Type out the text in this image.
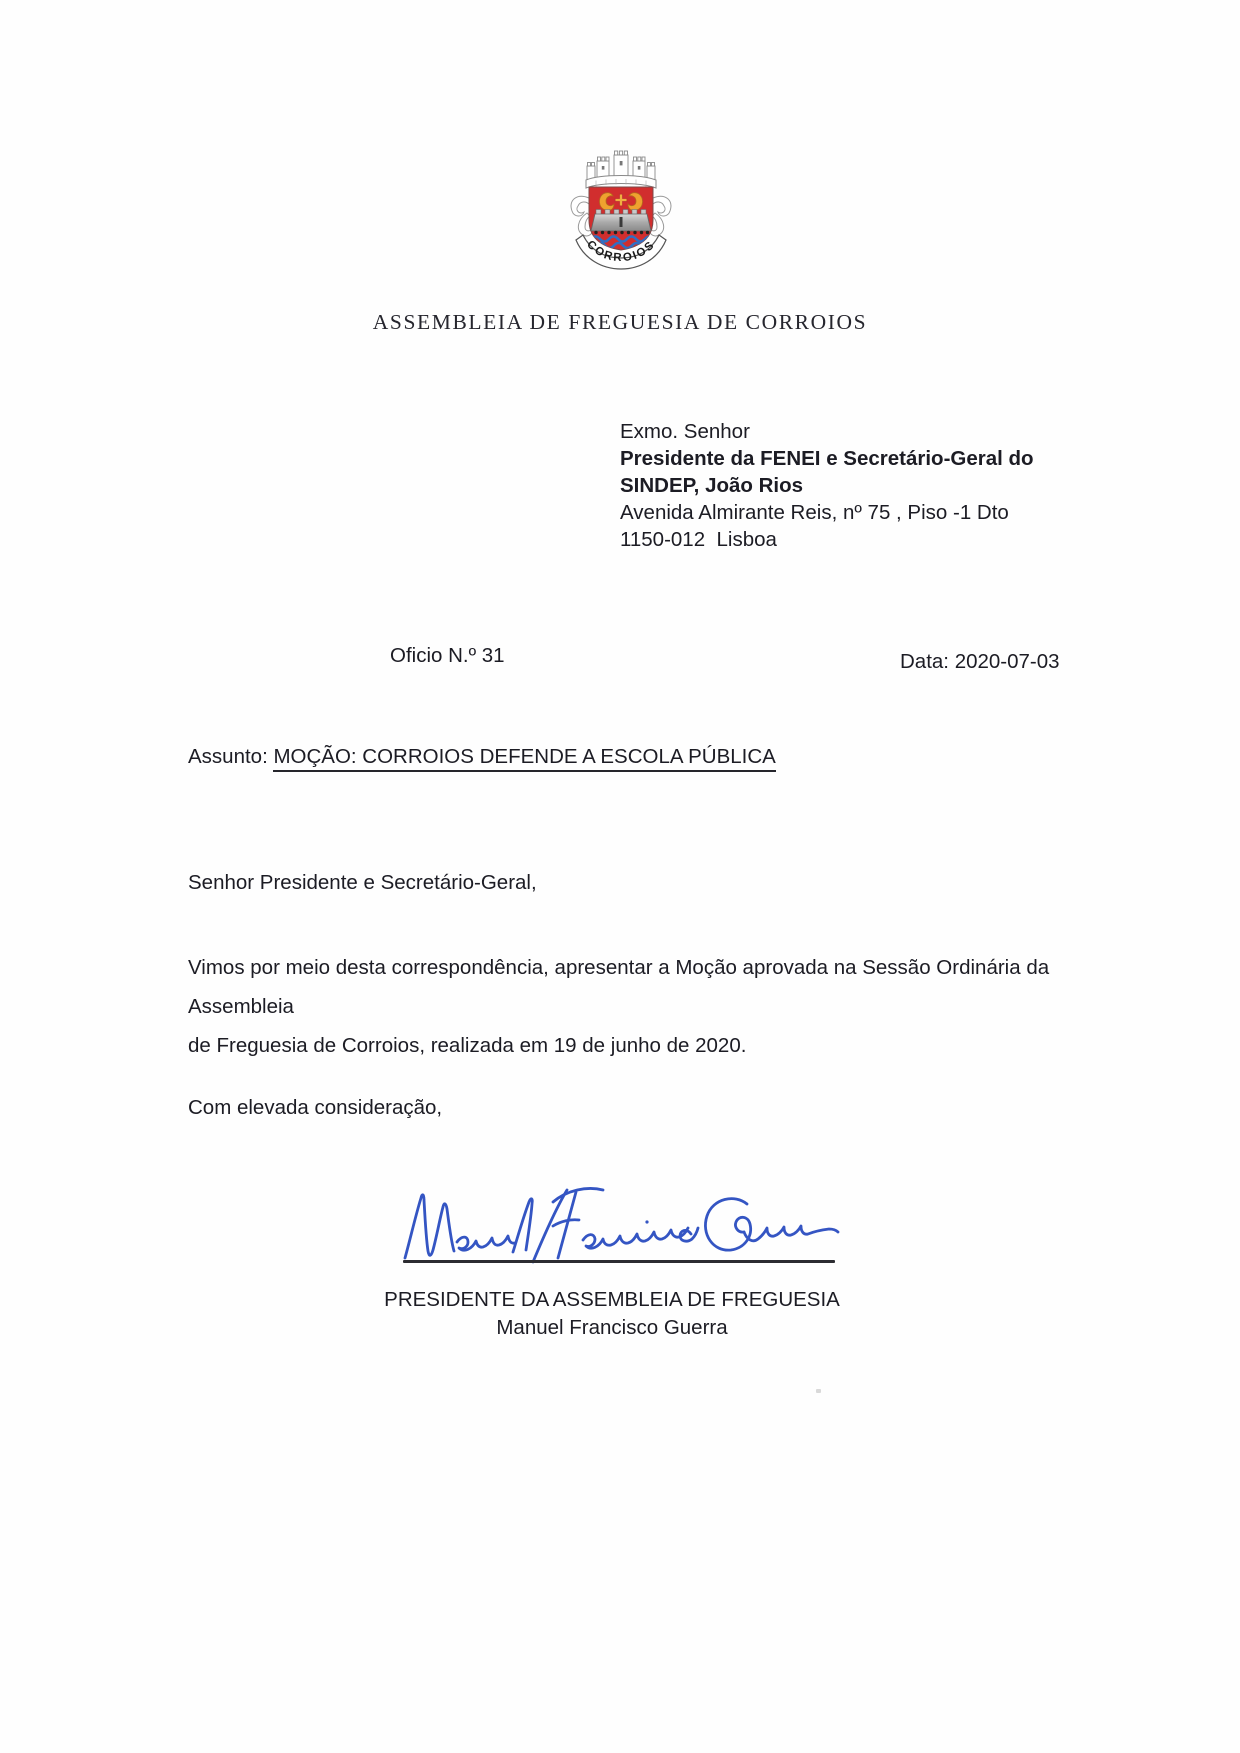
CORROIOS
ASSEMBLEIA DE FREGUESIA DE CORROIOS
Exmo. Senhor
Presidente da FENEI e Secretário-Geral do
SINDEP, João Rios
Avenida Almirante Reis, nº 75 , Piso -1 Dto
1150-012  Lisboa
Oficio N.º 31	Data: 2020-07-03
Assunto: MOÇÃO: CORROIOS DEFENDE A ESCOLA PÚBLICA
Senhor Presidente e Secretário-Geral,
Vimos por meio desta correspondência, apresentar a Moção aprovada na Sessão Ordinária da Assembleia
de Freguesia de Corroios, realizada em 19 de junho de 2020.
Com elevada consideração,
PRESIDENTE DA ASSEMBLEIA DE FREGUESIA
Manuel Francisco Guerra
